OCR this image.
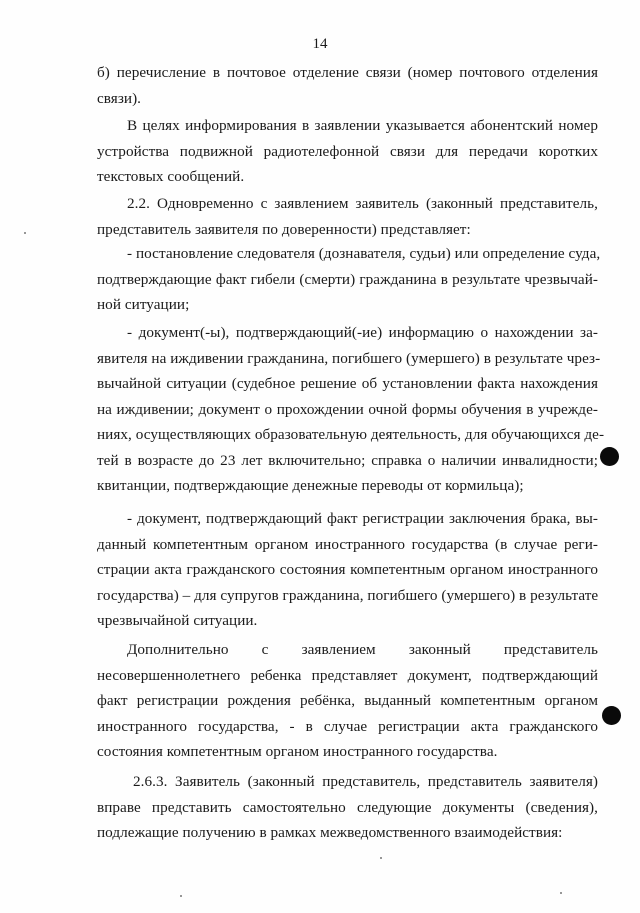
14
б) перечисление в почтовое отделение связи (номер почтового отделения
связи).
В целях информирования в заявлении указывается абонентский номер
устройства подвижной радиотелефонной связи для передачи коротких
текстовых сообщений.
2.2. Одновременно с заявлением заявитель (законный представитель,
представитель заявителя по доверенности) представляет:
- постановление следователя (дознавателя, судьи) или определение суда,
подтверждающие факт гибели (смерти) гражданина в результате чрезвычай-
ной ситуации;
- документ(-ы), подтверждающий(-ие) информацию о нахождении за-
явителя на иждивении гражданина, погибшего (умершего) в результате чрез-
вычайной ситуации (судебное решение об установлении факта нахождения
на иждивении; документ о прохождении очной формы обучения в учрежде-
ниях, осуществляющих образовательную деятельность, для обучающихся де-
тей в возрасте до 23 лет включительно; справка о наличии инвалидности;
квитанции, подтверждающие денежные переводы от кормильца);
- документ, подтверждающий факт регистрации заключения брака, вы-
данный компетентным органом иностранного государства (в случае реги-
страции акта гражданского состояния компетентным органом иностранного
государства) – для супругов гражданина, погибшего (умершего) в результате
чрезвычайной ситуации.
Дополнительно с заявлением законный представитель
несовершеннолетнего ребенка представляет документ, подтверждающий
факт регистрации рождения ребёнка, выданный компетентным органом
иностранного государства, - в случае регистрации акта гражданского
состояния компетентным органом иностранного государства.
2.6.3. Заявитель (законный представитель, представитель заявителя)
вправе представить самостоятельно следующие документы (сведения),
подлежащие получению в рамках межведомственного взаимодействия:
